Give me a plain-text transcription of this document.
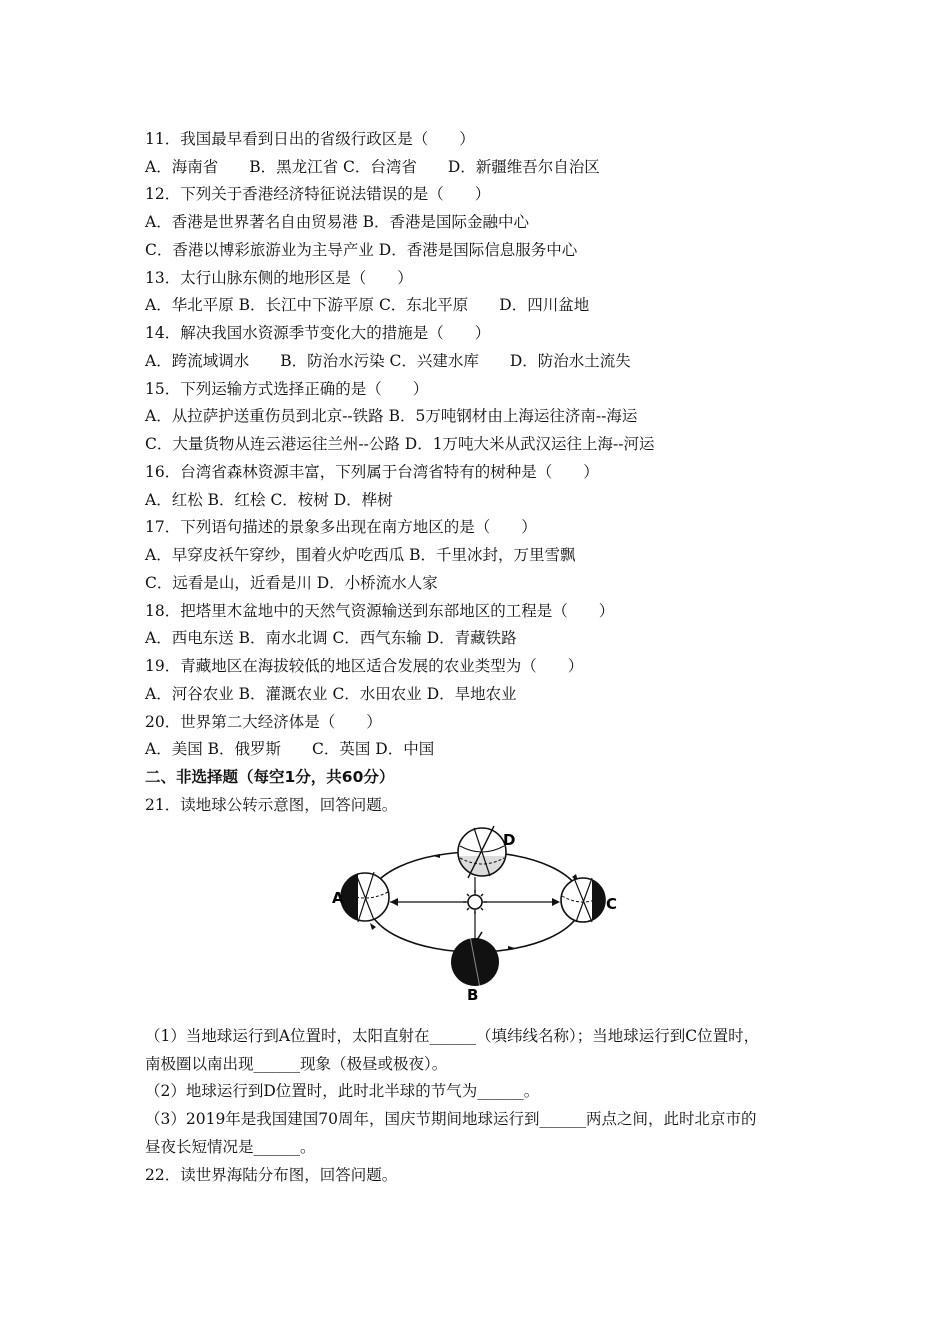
11．我国最早看到日出的省级行政区是（　　）
A．海南省　　B．黑龙江省 C．台湾省　　D．新疆维吾尔自治区
12．下列关于香港经济特征说法错误的是（　　）
A．香港是世界著名自由贸易港 B．香港是国际金融中心
C．香港以博彩旅游业为主导产业 D．香港是国际信息服务中心
13．太行山脉东侧的地形区是（　　）
A．华北平原 B．长江中下游平原 C．东北平原　　D．四川盆地
14．解决我国水资源季节变化大的措施是（　　）
A．跨流域调水　　B．防治水污染 C．兴建水库　　D．防治水土流失
15．下列运输方式选择正确的是（　　）
A．从拉萨护送重伤员到北京--铁路 B．5万吨钢材由上海运往济南--海运
C．大量货物从连云港运往兰州--公路 D．1万吨大米从武汉运往上海--河运
16．台湾省森林资源丰富，下列属于台湾省特有的树种是（　　）
A．红松 B．红桧 C．桉树 D．桦树
17．下列语句描述的景象多出现在南方地区的是（　　）
A．早穿皮袄午穿纱，围着火炉吃西瓜 B．千里冰封，万里雪飘
C．远看是山，近看是川 D．小桥流水人家
18．把塔里木盆地中的天然气资源输送到东部地区的工程是（　　）
A．西电东送 B．南水北调 C．西气东输 D．青藏铁路
19．青藏地区在海拔较低的地区适合发展的农业类型为（　　）
A．河谷农业 B．灌溉农业 C．水田农业 D．旱地农业
20．世界第二大经济体是（　　）
A．美国 B．俄罗斯　　C．英国 D．中国
二、非选择题（每空1分，共60分）
21．读地球公转示意图，回答问题。
A
B
C
D
（1）当地球运行到A位置时，太阳直射在______（填纬线名称）；当地球运行到C位置时，
南极圈以南出现______现象（极昼或极夜）。
（2）地球运行到D位置时，此时北半球的节气为______。
（3）2019年是我国建国70周年，国庆节期间地球运行到______两点之间，此时北京市的
昼夜长短情况是______。
22．读世界海陆分布图，回答问题。
